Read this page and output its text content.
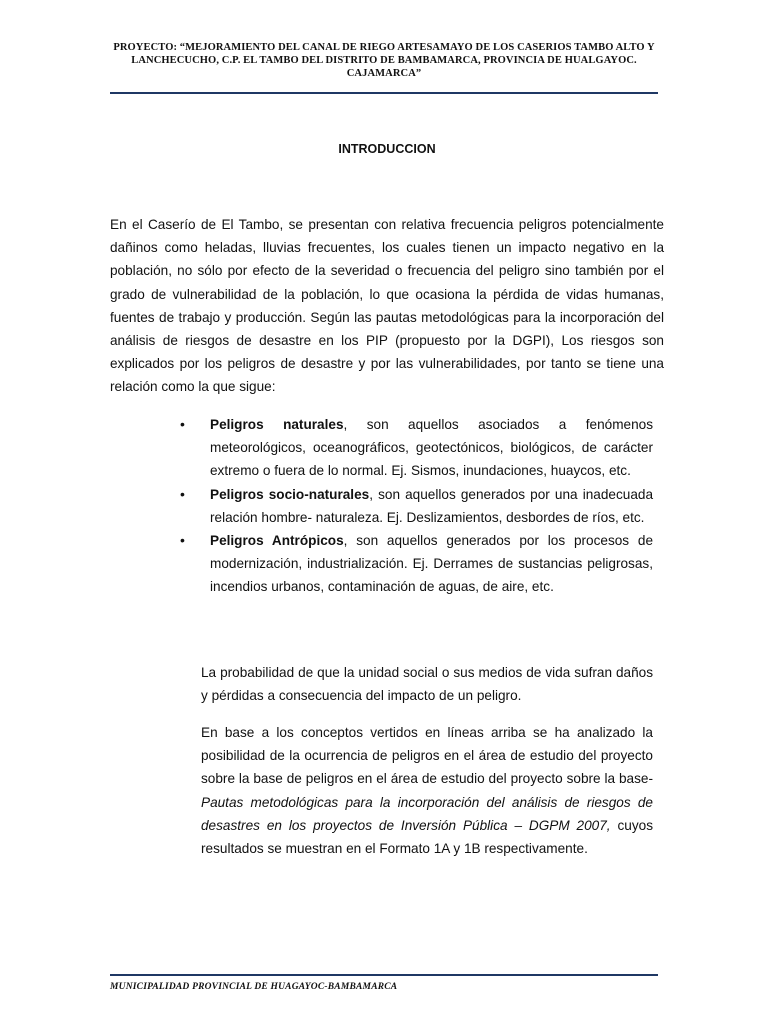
PROYECTO: “MEJORAMIENTO DEL CANAL DE RIEGO ARTESAMAYO DE LOS CASERIOS TAMBO ALTO Y LANCHECUCHO, C.P. EL TAMBO DEL DISTRITO DE BAMBAMARCA, PROVINCIA DE HUALGAYOC. CAJAMARCA”
INTRODUCCION

En el Caserío de El Tambo, se presentan con relativa frecuencia peligros potencialmente dañinos como heladas, lluvias frecuentes, los cuales tienen un impacto negativo en la población, no sólo por efecto de la severidad o frecuencia del peligro sino también por el grado de vulnerabilidad de la población, lo que ocasiona la pérdida de vidas humanas, fuentes de trabajo y producción. Según las pautas metodológicas para la incorporación del análisis de riesgos de desastre en los PIP (propuesto por la DGPI), Los riesgos son explicados por los peligros de desastre y por las vulnerabilidades, por tanto se tiene una relación como la que sigue:

• Peligros naturales, son aquellos asociados a fenómenos meteorológicos, oceanográficos, geotectónicos, biológicos, de carácter extremo o fuera de lo normal. Ej. Sismos, inundaciones, huaycos, etc.
• Peligros socio-naturales, son aquellos generados por una inadecuada relación hombre- naturaleza. Ej. Deslizamientos, desbordes de ríos, etc.
• Peligros Antrópicos, son aquellos generados por los procesos de modernización, industrialización. Ej. Derrames de sustancias peligrosas, incendios urbanos, contaminación de aguas, de aire, etc.

La probabilidad de que la unidad social o sus medios de vida sufran daños y pérdidas a consecuencia del impacto de un peligro.

En base a los conceptos vertidos en líneas arriba se ha analizado la posibilidad de la ocurrencia de peligros en el área de estudio del proyecto sobre la base de peligros en el área de estudio del proyecto sobre la base-Pautas metodológicas para la incorporación del análisis de riesgos de desastres en los proyectos de Inversión Pública – DGPM 2007, cuyos resultados se muestran en el Formato 1A y 1B respectivamente.

MUNICIPALIDAD PROVINCIAL DE HUAGAYOC-BAMBAMARCA
